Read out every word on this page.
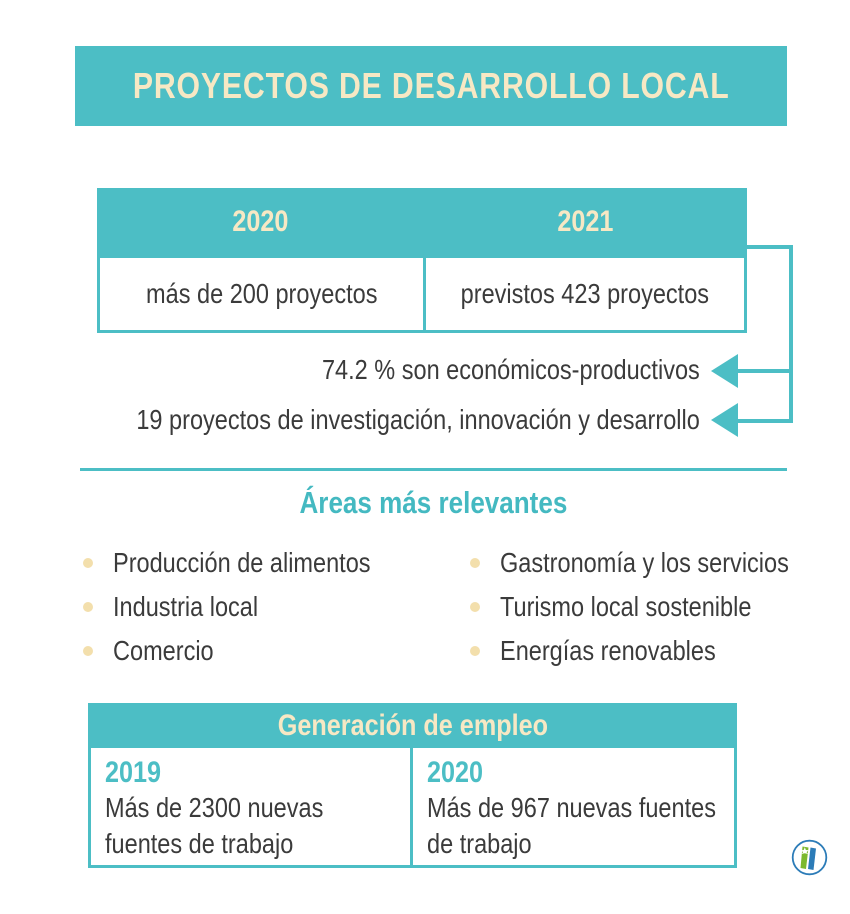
PROYECTOS DE DESARROLLO LOCAL
2020	2021
más de 200 proyectos	previstos 423 proyectos
74.2 % son económicos-productivos
19 proyectos de investigación, innovación y desarrollo
Áreas más relevantes
Producción de alimentos
Industria local
Comercio
Gastronomía y los servicios
Turismo local sostenible
Energías renovables
Generación de empleo
2019
Más de 2300 nuevas fuentes de trabajo
2020
Más de 967 nuevas fuentes de trabajo
